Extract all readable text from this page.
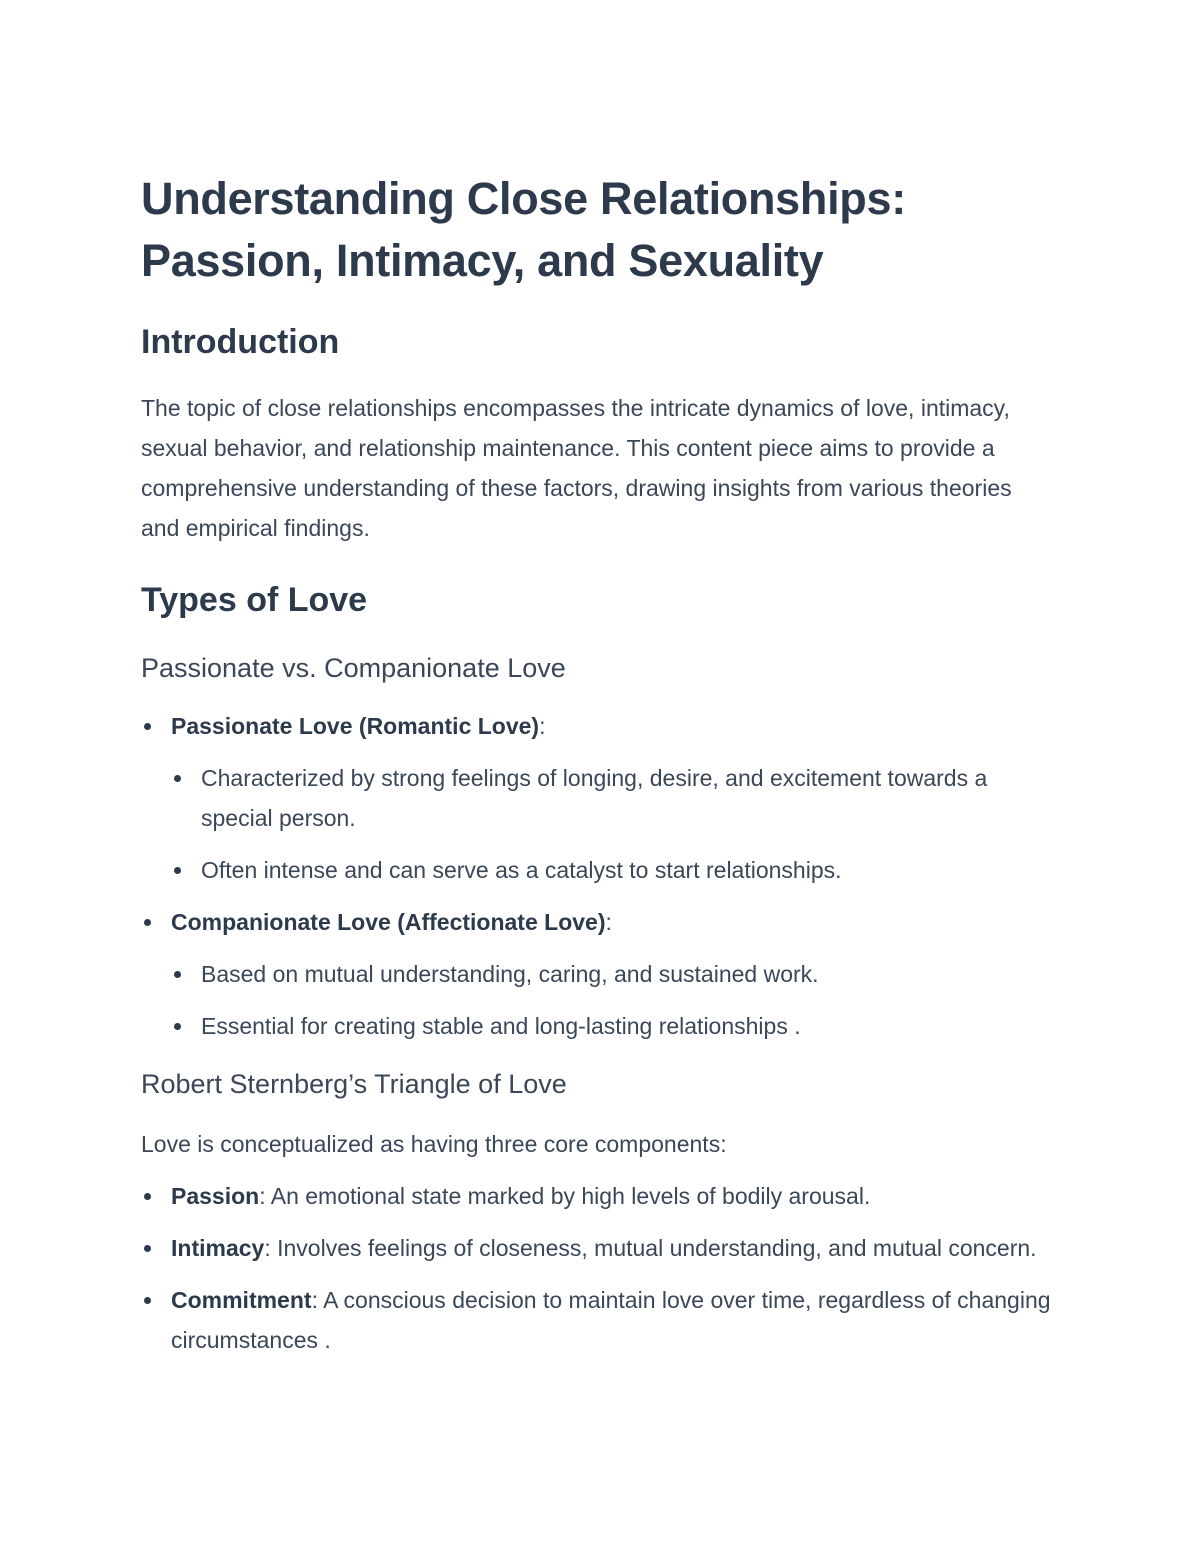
Understanding Close Relationships:
Passion, Intimacy, and Sexuality
Introduction

The topic of close relationships encompasses the intricate dynamics of love, intimacy, sexual behavior, and relationship maintenance. This content piece aims to provide a comprehensive understanding of these factors, drawing insights from various theories and empirical findings.

Types of Love
Passionate vs. Companionate Love
Passionate Love (Romantic Love):
Characterized by strong feelings of longing, desire, and excitement towards a special person.
Often intense and can serve as a catalyst to start relationships.
Companionate Love (Affectionate Love):
Based on mutual understanding, caring, and sustained work.
Essential for creating stable and long-lasting relationships .
Robert Sternberg’s Triangle of Love

Love is conceptualized as having three core components:

Passion: An emotional state marked by high levels of bodily arousal.
Intimacy: Involves feelings of closeness, mutual understanding, and mutual concern.
Commitment: A conscious decision to maintain love over time, regardless of changing circumstances .
